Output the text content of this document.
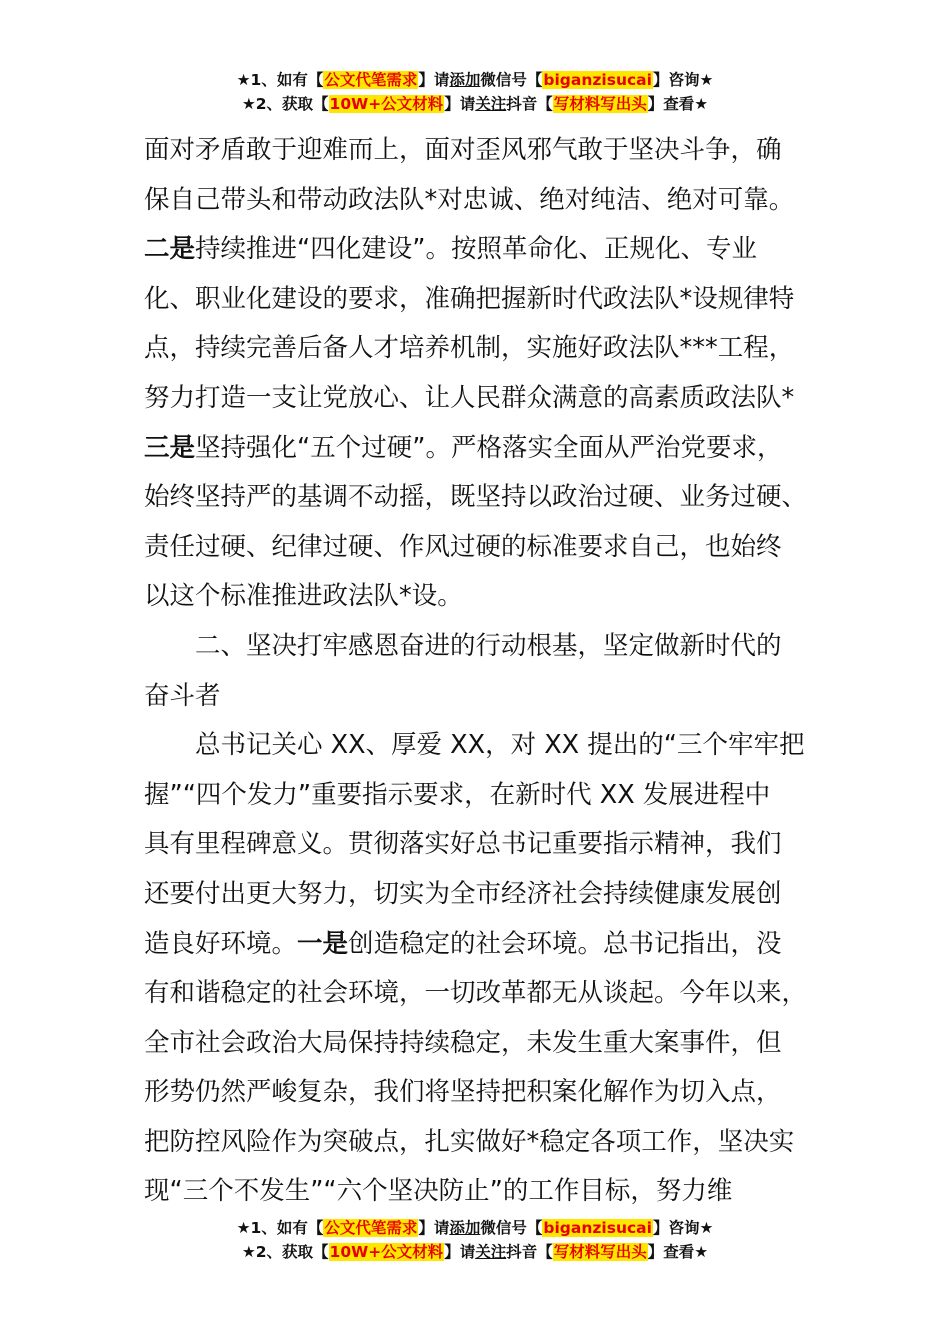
★1、如有【公文代笔需求】请添加微信号【biganzisucai】咨询★
★2、获取【10W+公文材料】请关注抖音【写材料写出头】查看★
面对矛盾敢于迎难而上，面对歪风邪气敢于坚决斗争，确
保自己带头和带动政法队*对忠诚、绝对纯洁、绝对可靠。
二是持续推进“四化建设”。按照革命化、正规化、专业
化、职业化建设的要求，准确把握新时代政法队*设规律特
点，持续完善后备人才培养机制，实施好政法队***工程，
努力打造一支让党放心、让人民群众满意的高素质政法队*
三是坚持强化“五个过硬”。严格落实全面从严治党要求，
始终坚持严的基调不动摇，既坚持以政治过硬、业务过硬、
责任过硬、纪律过硬、作风过硬的标准要求自己，也始终
以这个标准推进政法队*设。
二、坚决打牢感恩奋进的行动根基，坚定做新时代的
奋斗者
总书记关心 XX、厚爱 XX，对 XX 提出的“三个牢牢把
握”“四个发力”重要指示要求，在新时代 XX 发展进程中
具有里程碑意义。贯彻落实好总书记重要指示精神，我们
还要付出更大努力，切实为全市经济社会持续健康发展创
造良好环境。一是创造稳定的社会环境。总书记指出，没
有和谐稳定的社会环境，一切改革都无从谈起。今年以来，
全市社会政治大局保持持续稳定，未发生重大案事件，但
形势仍然严峻复杂，我们将坚持把积案化解作为切入点，
把防控风险作为突破点，扎实做好*稳定各项工作，坚决实
现“三个不发生”“六个坚决防止”的工作目标，努力维
★1、如有【公文代笔需求】请添加微信号【biganzisucai】咨询★
★2、获取【10W+公文材料】请关注抖音【写材料写出头】查看★
